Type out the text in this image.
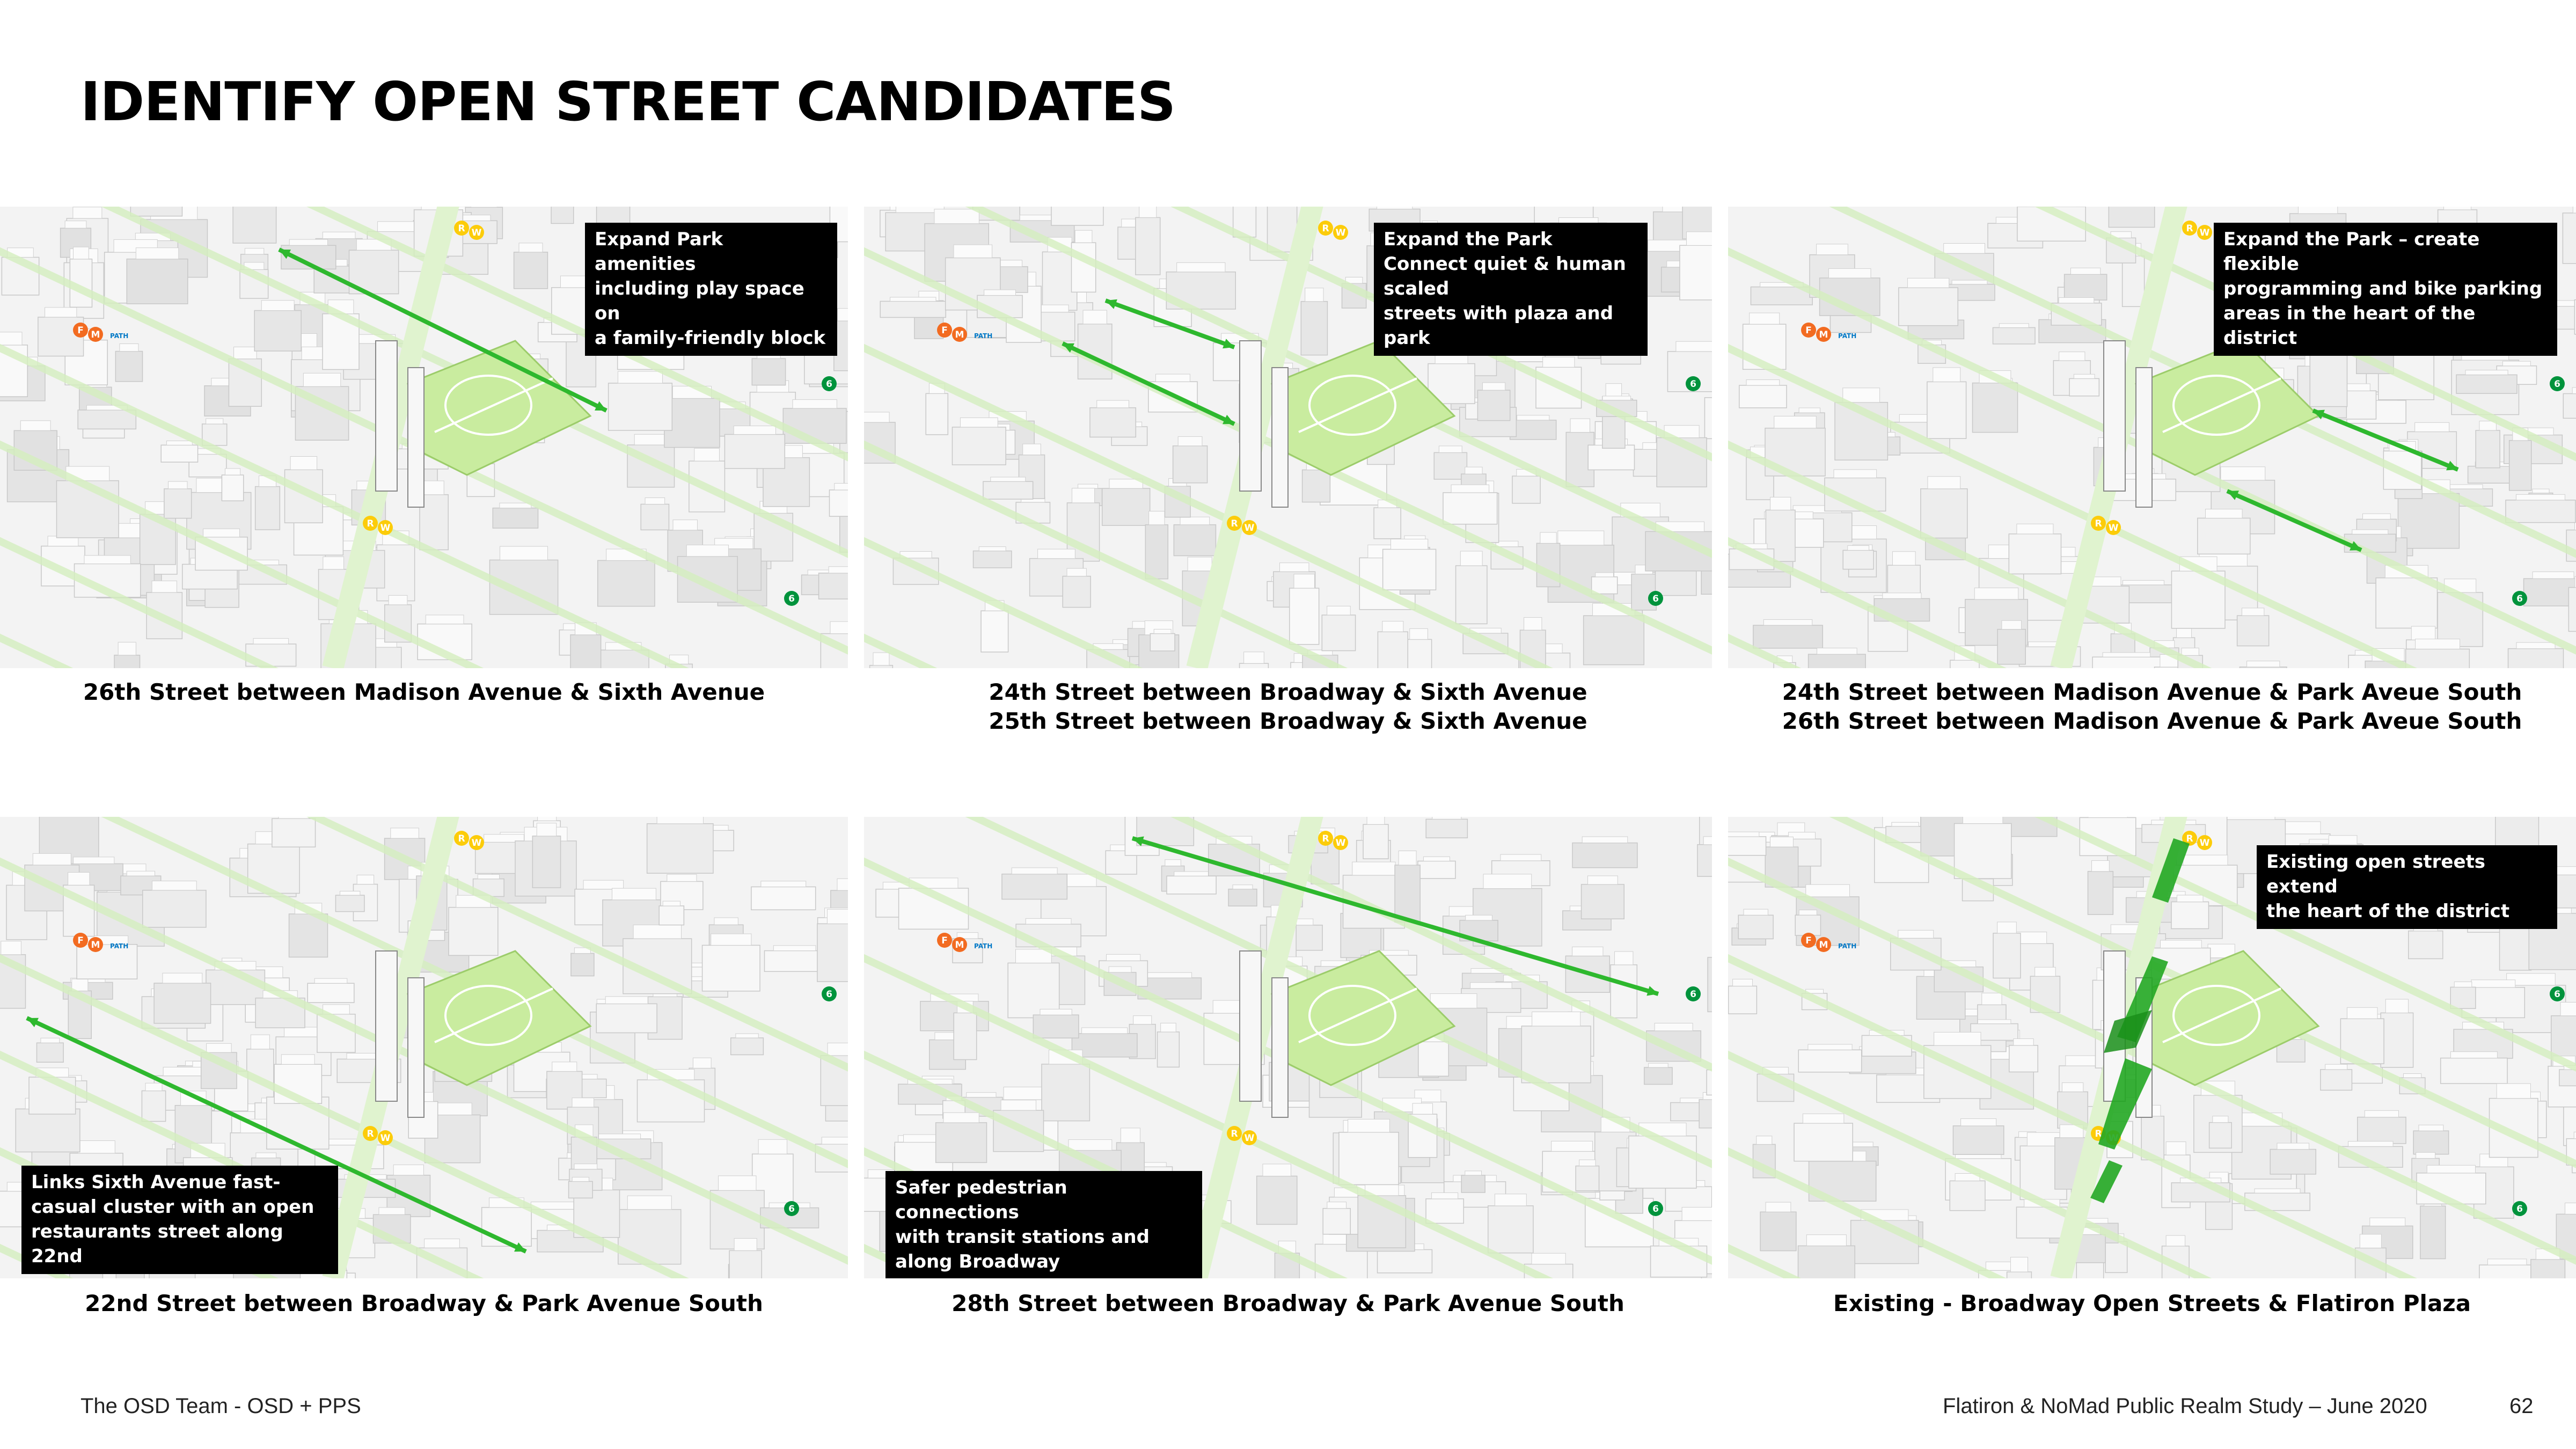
IDENTIFY OPEN STREET CANDIDATES
F M
R W
R W
6
6
PATH
Expand Park amenities
including play space on
a family-friendly block
26th Street between Madison Avenue & Sixth Avenue
F M
R W
R W
6
6
PATH
Expand the Park
Connect quiet & human scaled
streets with plaza and park
24th Street between Broadway & Sixth Avenue
25th Street between Broadway & Sixth Avenue
F M
R W
R W
6
6
PATH
Expand the Park – create flexible
programming and bike parking
areas in the heart of the district
24th Street between Madison Avenue & Park Aveue South
26th Street between Madison Avenue & Park Aveue South
F M
R W
R W
6
6
PATH
Links Sixth Avenue fast-
casual cluster with an open
restaurants street along 22nd
22nd Street between Broadway & Park Avenue South
F M
R W
R W
6
6
PATH
Safer pedestrian connections
with transit stations and
along Broadway
28th Street between Broadway & Park Avenue South
F M
R W
R
6
6
PATH
Existing open streets extend
the heart of the district
Existing - Broadway Open Streets & Flatiron Plaza
The OSD Team - OSD + PPS	Flatiron & NoMad Public Realm Study – June 2020	62
